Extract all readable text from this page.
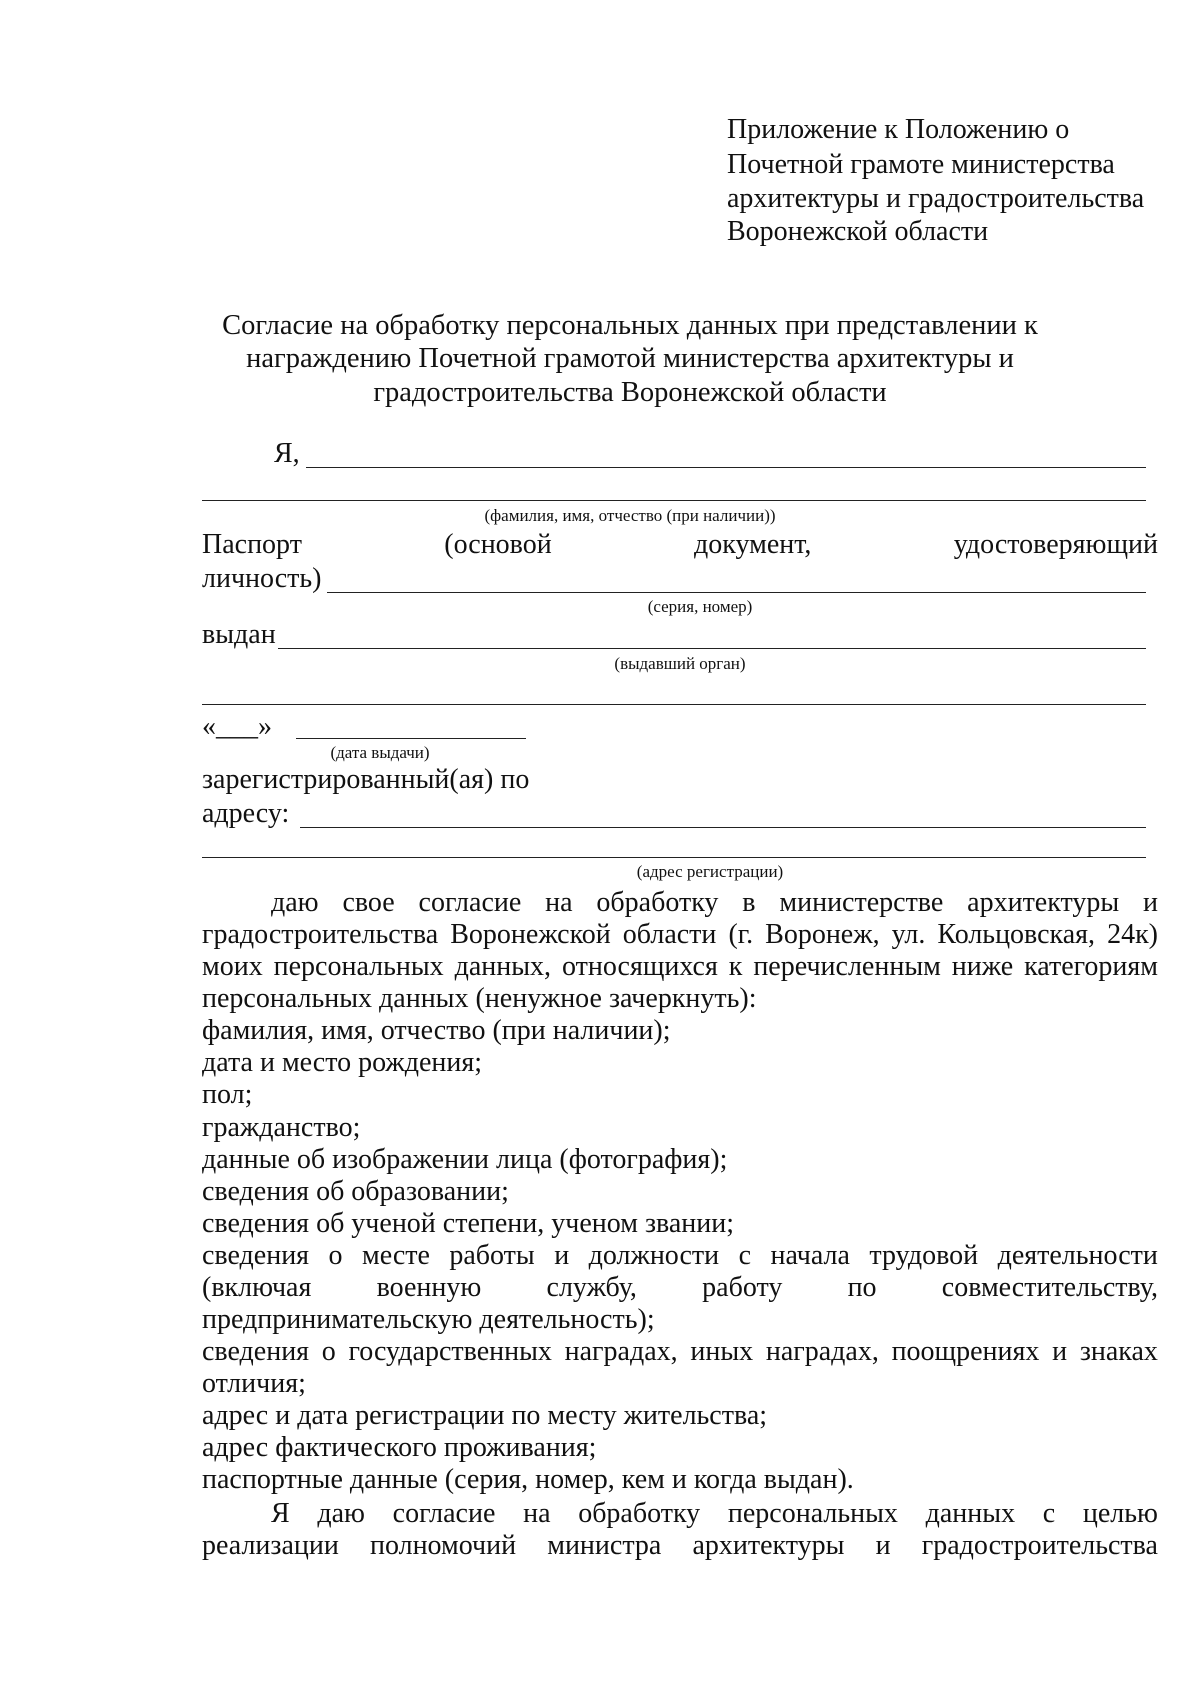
Приложение к Положению о
Почетной грамоте министерства
архитектуры и градостроительства
Воронежской области
Согласие на обработку персональных данных при представлении к
награждению Почетной грамотой министерства архитектуры и
градостроительства Воронежской области
Я,
(фамилия, имя, отчество (при наличии))
Паспорт	(основой	документ,	удостоверяющий
личность)
(серия, номер)
выдан
(выдавший орган)
«___»
(дата выдачи)
зарегистрированный(ая) по
адресу:
(адрес регистрации)
даю свое согласие на обработку в министерстве архитектуры и
градостроительства Воронежской области (г. Воронеж, ул. Кольцовская, 24к)
моих персональных данных, относящихся к перечисленным ниже категориям
персональных данных (ненужное зачеркнуть):
фамилия, имя, отчество (при наличии);
дата и место рождения;
пол;
гражданство;
данные об изображении лица (фотография);
сведения об образовании;
сведения об ученой степени, ученом звании;
сведения о месте работы и должности с начала трудовой деятельности
(включая военную службу, работу по совместительству,
предпринимательскую деятельность);
сведения о государственных наградах, иных наградах, поощрениях и знаках
отличия;
адрес и дата регистрации по месту жительства;
адрес фактического проживания;
паспортные данные (серия, номер, кем и когда выдан).
Я даю согласие на обработку персональных данных с целью
реализации полномочий министра архитектуры и градостроительства
